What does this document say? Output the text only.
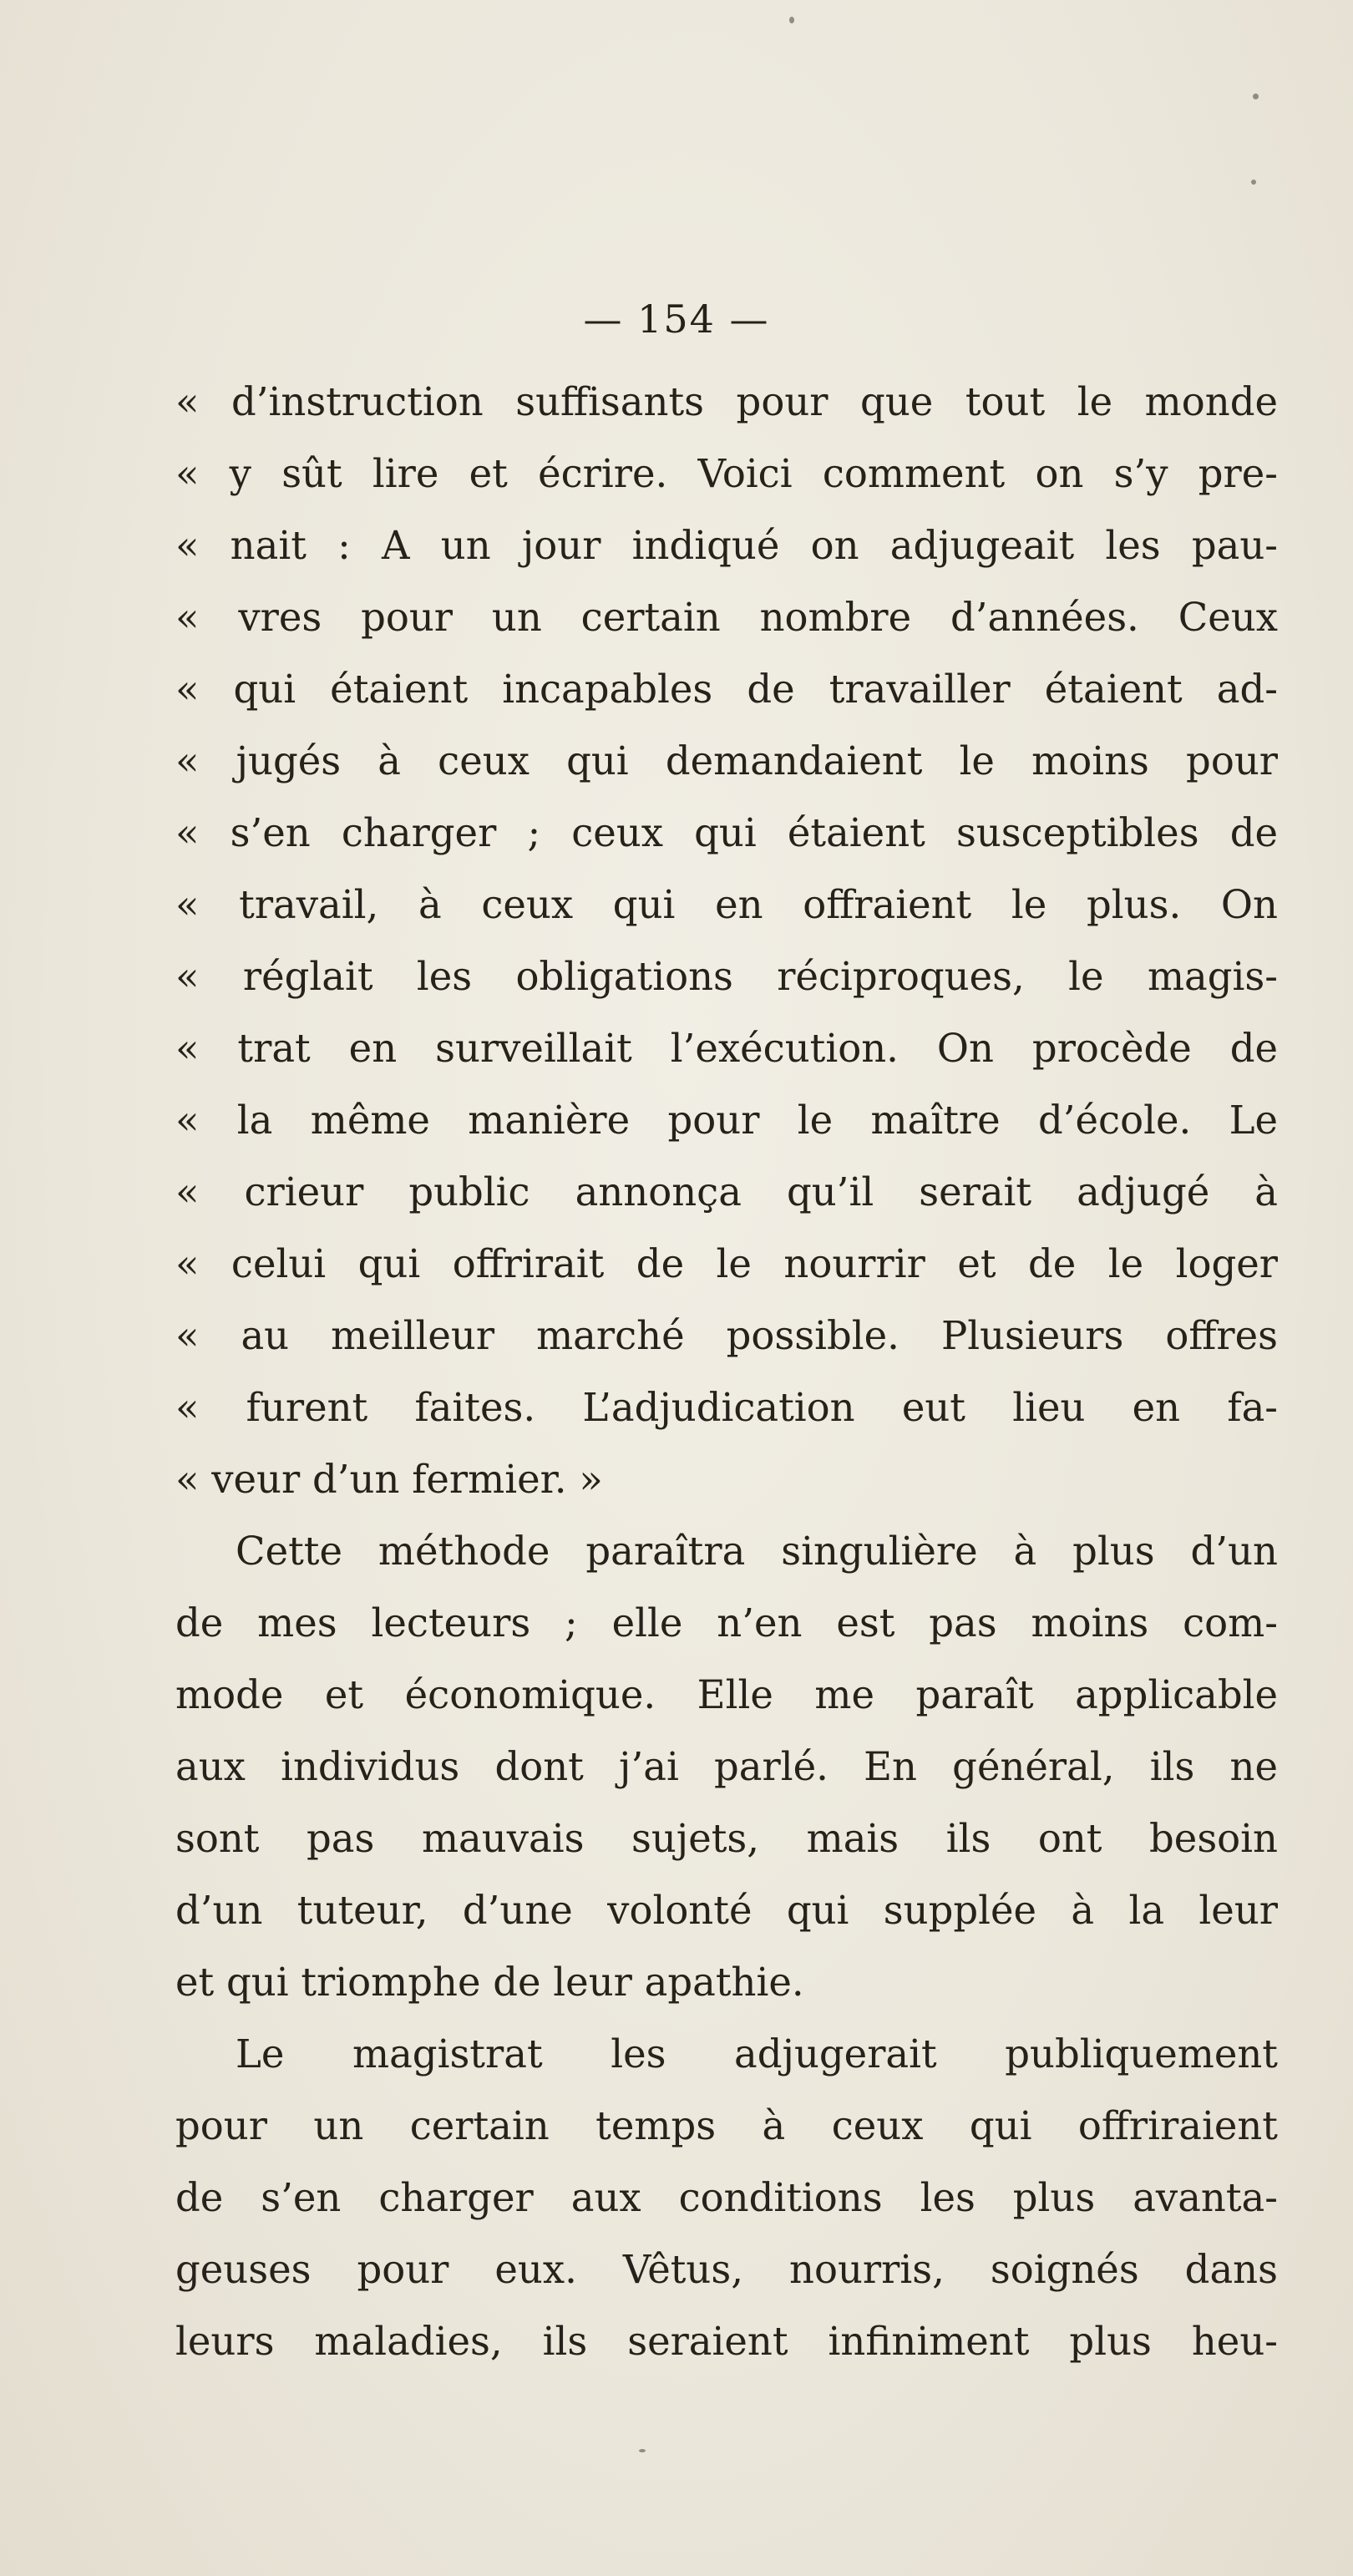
— 154 —
« d’instruction suffisants pour que tout le monde
« y sût lire et écrire. Voici comment on s’y pre-
« nait : A un jour indiqué on adjugeait les pau-
« vres pour un certain nombre d’années. Ceux
« qui étaient incapables de travailler étaient ad-
« jugés à ceux qui demandaient le moins pour
« s’en charger ; ceux qui étaient susceptibles de
« travail, à ceux qui en offraient le plus. On
« réglait les obligations réciproques, le magis-
« trat en surveillait l’exécution. On procède de
« la même manière pour le maître d’école. Le
« crieur public annonça qu’il serait adjugé à
« celui qui offrirait de le nourrir et de le loger
« au meilleur marché possible. Plusieurs offres
« furent faites. L’adjudication eut lieu en fa-
« veur d’un fermier. »
Cette méthode paraîtra singulière à plus d’un
de mes lecteurs ; elle n’en est pas moins com-
mode et économique. Elle me paraît applicable
aux individus dont j’ai parlé. En général, ils ne
sont pas mauvais sujets, mais ils ont besoin
d’un tuteur, d’une volonté qui supplée à la leur
et qui triomphe de leur apathie.
Le magistrat les adjugerait publiquement
pour un certain temps à ceux qui offriraient
de s’en charger aux conditions les plus avanta-
geuses pour eux. Vêtus, nourris, soignés dans
leurs maladies, ils seraient infiniment plus heu-
